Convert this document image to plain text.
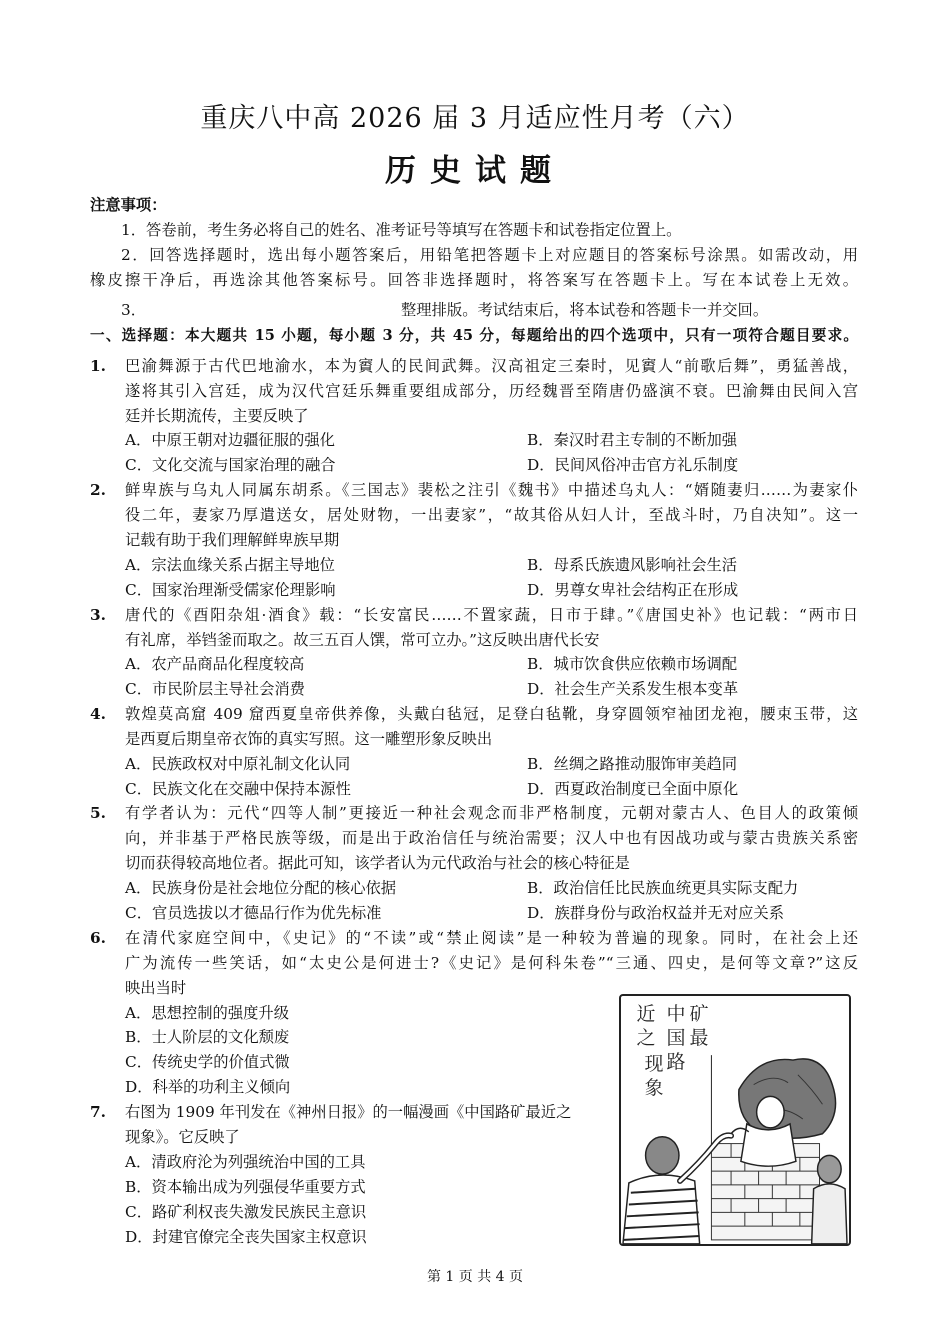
重庆八中高 2026 届 3 月适应性月考（六）
历史试题
注意事项：
1．答卷前，考生务必将自己的姓名、准考证号等填写在答题卡和试卷指定位置上。
2．回答选择题时，选出每小题答案后，用铅笔把答题卡上对应题目的答案标号涂黑。如需改动，用
橡皮擦干净后，再选涂其他答案标号。回答非选择题时，将答案写在答题卡上。写在本试卷上无效。
3．	整理排版。考试结束后，将本试卷和答题卡一并交回。
一、选择题：本大题共 15 小题，每小题 3 分，共 45 分，每题给出的四个选项中，只有一项符合题目要求。
1. 巴渝舞源于古代巴地渝水，本为賨人的民间武舞。汉高祖定三秦时，见賨人“前歌后舞”，勇猛善战，
遂将其引入宫廷，成为汉代宫廷乐舞重要组成部分，历经魏晋至隋唐仍盛演不衰。巴渝舞由民间入宫
廷并长期流传，主要反映了
A．中原王朝对边疆征服的强化	B．秦汉时君主专制的不断加强
C．文化交流与国家治理的融合	D．民间风俗冲击官方礼乐制度
2. 鲜卑族与乌丸人同属东胡系。《三国志》裴松之注引《魏书》中描述乌丸人：“婿随妻归……为妻家仆
役二年，妻家乃厚遣送女，居处财物，一出妻家”，“故其俗从妇人计，至战斗时，乃自决知”。这一
记载有助于我们理解鲜卑族早期
A．宗法血缘关系占据主导地位	B．母系氏族遗风影响社会生活
C．国家治理渐受儒家伦理影响	D．男尊女卑社会结构正在形成
3. 唐代的《酉阳杂俎·酒食》载：“长安富民……不置家蔬，日市于肆。”《唐国史补》也记载：“两市日
有礼席，举铛釜而取之。故三五百人馔，常可立办。”这反映出唐代长安
A．农产品商品化程度较高	B．城市饮食供应依赖市场调配
C．市民阶层主导社会消费	D．社会生产关系发生根本变革
4. 敦煌莫高窟 409 窟西夏皇帝供养像，头戴白毡冠，足登白毡靴，身穿圆领窄袖团龙袍，腰束玉带，这
是西夏后期皇帝衣饰的真实写照。这一雕塑形象反映出
A．民族政权对中原礼制文化认同	B．丝绸之路推动服饰审美趋同
C．民族文化在交融中保持本源性	D．西夏政治制度已全面中原化
5. 有学者认为：元代“四等人制”更接近一种社会观念而非严格制度，元朝对蒙古人、色目人的政策倾
向，并非基于严格民族等级，而是出于政治信任与统治需要；汉人中也有因战功或与蒙古贵族关系密
切而获得较高地位者。据此可知，该学者认为元代政治与社会的核心特征是
A．民族身份是社会地位分配的核心依据	B．政治信任比民族血统更具实际支配力
C．官员选拔以才德品行作为优先标准	D．族群身份与政治权益并无对应关系
6. 在清代家庭空间中，《史记》的“不读”或“禁止阅读”是一种较为普遍的现象。同时，在社会上还
广为流传一些笑话，如“太史公是何进士?《史记》是何科朱卷”“三通、四史，是何等文章?”这反
映出当时
A．思想控制的强度升级
B．士人阶层的文化颓废
C．传统史学的价值式微
D．科举的功利主义倾向
7. 右图为 1909 年刊发在《神州日报》的一幅漫画《中国路矿最近之
现象》。它反映了
A．清政府沦为列强统治中国的工具
B．资本输出成为列强侵华重要方式
C．路矿利权丧失激发民族民主意识
D．封建官僚完全丧失国家主权意识
中国路
矿最
近之
现象
第 1 页 共 4 页
